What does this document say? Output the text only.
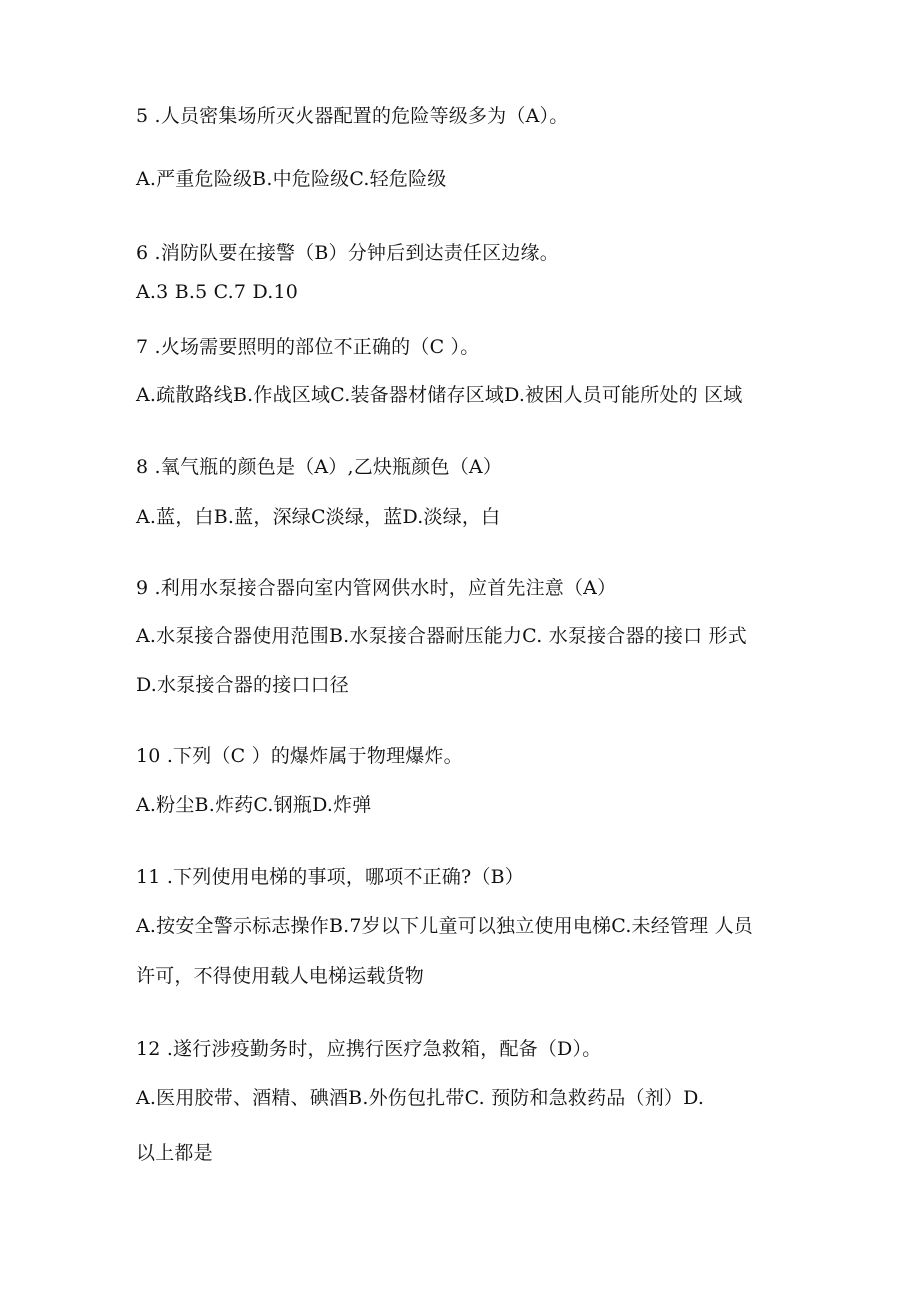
5 .人员密集场所灭火器配置的危险等级多为（A）。
A.严重危险级B.中危险级C.轻危险级
6 .消防队要在接警（B）分钟后到达责任区边缘。
A.3 B.5 C.7 D.10
7 .火场需要照明的部位不正确的（C ）。
A.疏散路线B.作战区域C.装备器材储存区域D.被困人员可能所处的 区域
8 .氧气瓶的颜色是（A）,乙炔瓶颜色（A）
A.蓝，白B.蓝，深绿C淡绿，蓝D.淡绿，白
9 .利用水泵接合器向室内管网供水时，应首先注意（A）
A.水泵接合器使用范围B.水泵接合器耐压能力C. 水泵接合器的接口 形式
D.水泵接合器的接口口径
10 .下列（C ）的爆炸属于物理爆炸。
A.粉尘B.炸药C.钢瓶D.炸弹
11 .下列使用电梯的事项，哪项不正确?（B）
A.按安全警示标志操作B.7岁以下儿童可以独立使用电梯C.未经管理 人员
许可，不得使用载人电梯运载货物
12 .遂行涉疫勤务时，应携行医疗急救箱，配备（D）。
A.医用胶带、酒精、碘酒B.外伤包扎带C. 预防和急救药品（剂）D.
以上都是
